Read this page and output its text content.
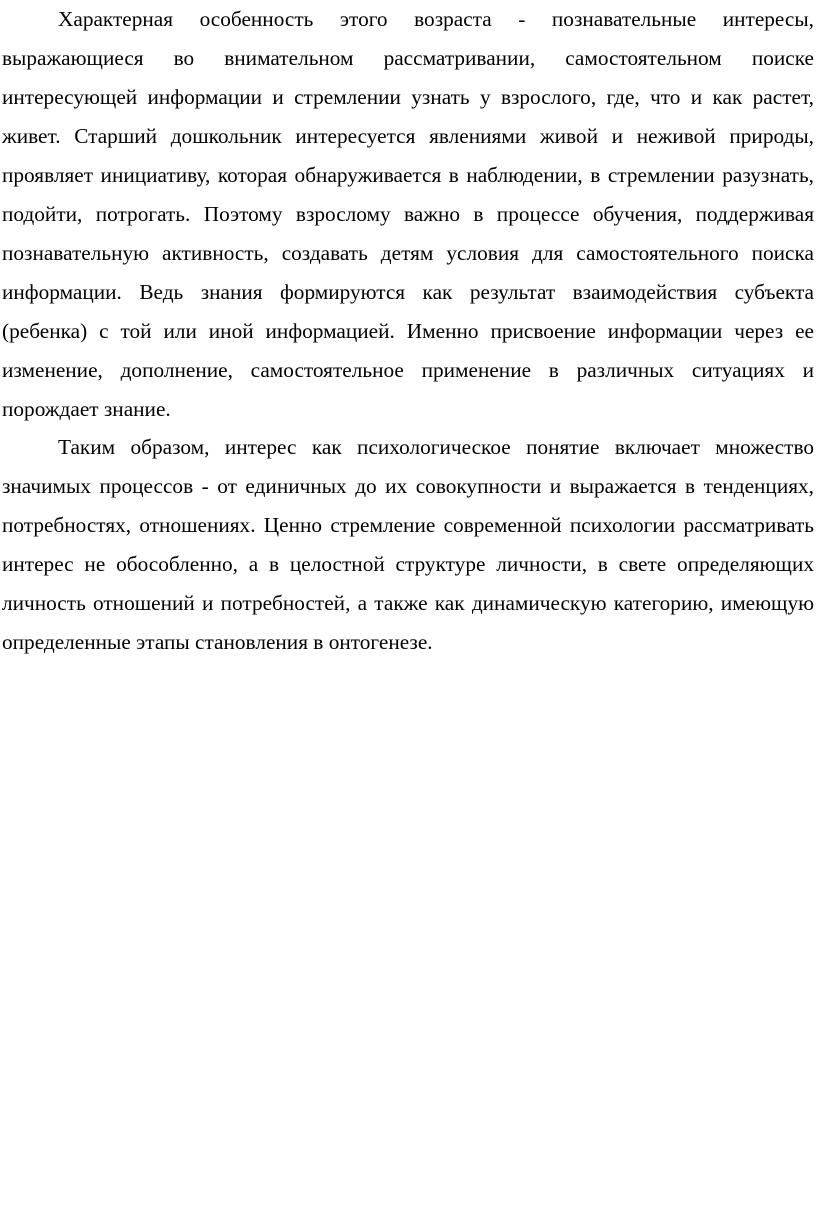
Характерная особенность этого возраста - познавательные интересы, выражающиеся во внимательном рассматривании, самостоятельном поиске интересующей информации и стремлении узнать у взрослого, где, что и как растет, живет. Старший дошкольник интересуется явлениями живой и неживой природы, проявляет инициативу, которая обнаруживается в наблюдении, в стремлении разузнать, подойти, потрогать. Поэтому взрослому важно в процессе обучения, поддерживая познавательную активность, создавать детям условия для самостоятельного поиска информации. Ведь знания формируются как результат взаимодействия субъекта (ребенка) с той или иной информацией. Именно присвоение информации через ее изменение, дополнение, самостоятельное применение в различных ситуациях и порождает знание.

Таким образом, интерес как психологическое понятие включает множество значимых процессов - от единичных до их совокупности и выражается в тенденциях, потребностях, отношениях. Ценно стремление современной психологии рассматривать интерес не обособленно, а в целостной структуре личности, в свете определяющих личность отношений и потребностей, а также как динамическую категорию, имеющую определенные этапы становления в онтогенезе.
